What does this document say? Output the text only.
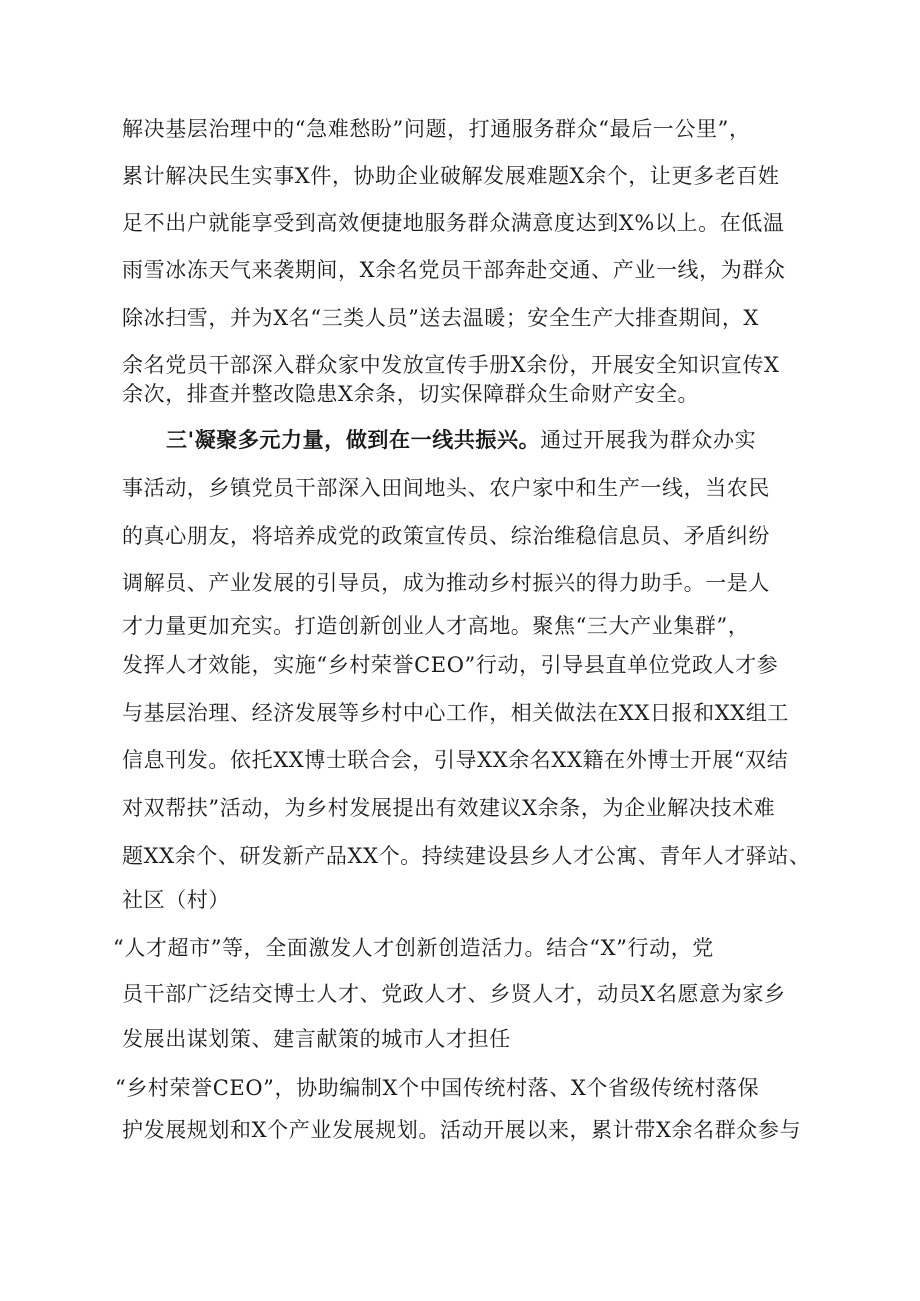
解决基层治理中的“急难愁盼”问题，打通服务群众“最后一公里”，
累计解决民生实事X件，协助企业破解发展难题X余个，让更多老百姓
足不出户就能享受到高效便捷地服务群众满意度达到X%以上。在低温
雨雪冰冻天气来袭期间，X余名党员干部奔赴交通、产业一线，为群众
除冰扫雪，并为X名“三类人员”送去温暖；安全生产大排查期间，X
余名党员干部深入群众家中发放宣传手册X余份，开展安全知识宣传X
余次，排查并整改隐患X余条，切实保障群众生命财产安全。
三'凝聚多元力量，做到在一线共振兴。通过开展我为群众办实
事活动，乡镇党员干部深入田间地头、农户家中和生产一线，当农民
的真心朋友，将培养成党的政策宣传员、综治维稳信息员、矛盾纠纷
调解员、产业发展的引导员，成为推动乡村振兴的得力助手。一是人
才力量更加充实。打造创新创业人才高地。聚焦“三大产业集群”，
发挥人才效能，实施“乡村荣誉CEO”行动，引导县直单位党政人才参
与基层治理、经济发展等乡村中心工作，相关做法在XX日报和XX组工
信息刊发。依托XX博士联合会，引导XX余名XX籍在外博士开展“双结
对双帮扶”活动，为乡村发展提出有效建议X余条，为企业解决技术难
题XX余个、研发新产品XX个。持续建设县乡人才公寓、青年人才驿站、
社区（村）
“人才超市”等，全面激发人才创新创造活力。结合“X”行动，党
员干部广泛结交博士人才、党政人才、乡贤人才，动员X名愿意为家乡
发展出谋划策、建言献策的城市人才担任
“乡村荣誉CEO”，协助编制X个中国传统村落、X个省级传统村落保
护发展规划和X个产业发展规划。活动开展以来，累计带X余名群众参与
